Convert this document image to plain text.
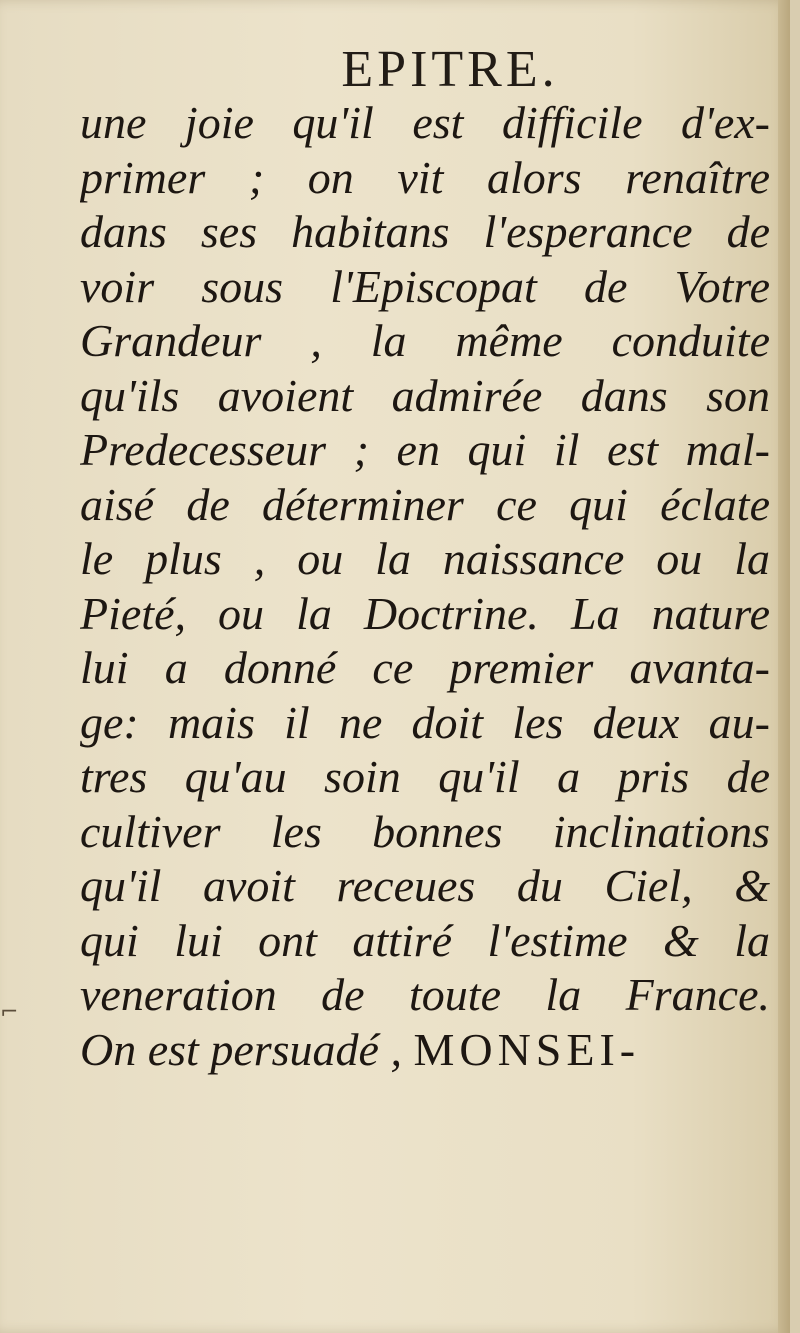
EPITRE.
une joie qu'il est difficile d'ex-
primer ; on vit alors renaître
dans ses habitans l'esperance de
voir sous l'Episcopat de Votre
Grandeur , la même conduite
qu'ils avoient admirée dans son
Predecesseur ; en qui il est mal-
aisé de déterminer ce qui éclate
le plus , ou la naissance ou la
Pieté, ou la Doctrine. La nature
lui a donné ce premier avanta-
ge: mais il ne doit les deux au-
tres qu'au soin qu'il a pris de
cultiver les bonnes inclinations
qu'il avoit receues du Ciel, &
qui lui ont attiré l'estime & la
veneration de toute la France.
On est persuadé , MONSEI-
⌐
